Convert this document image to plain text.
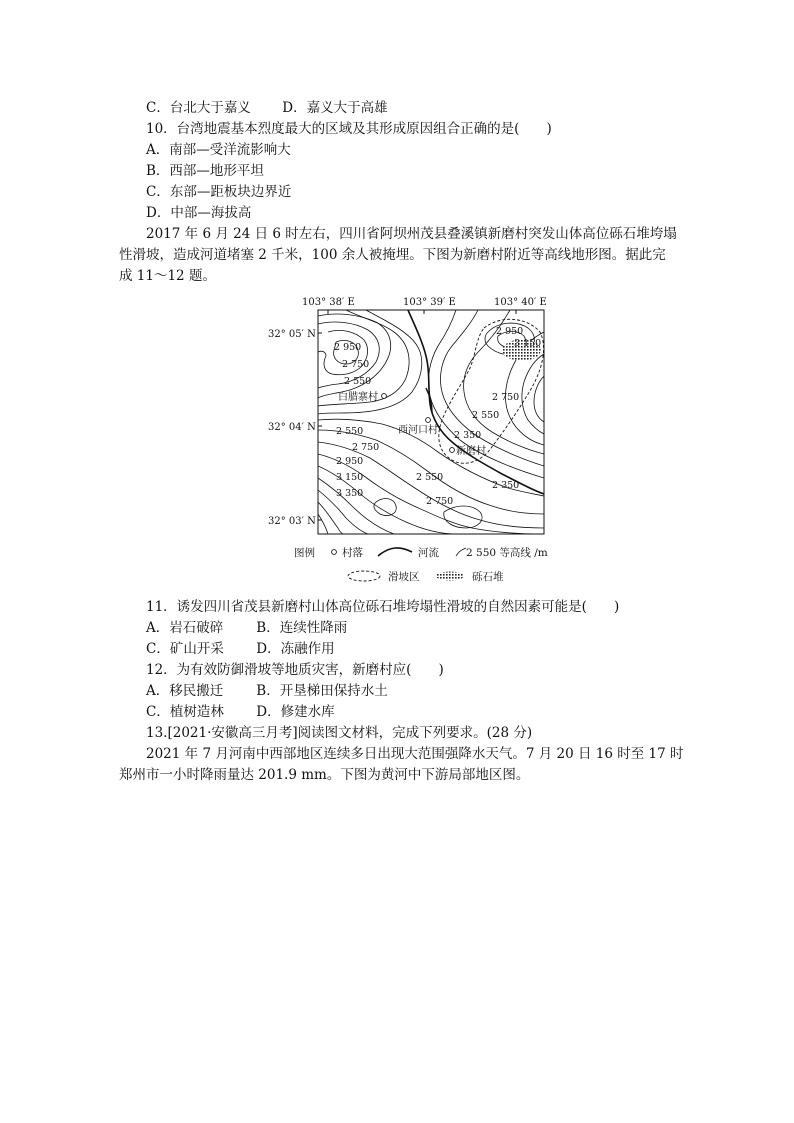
C．台北大于嘉义 D．嘉义大于高雄
10．台湾地震基本烈度最大的区域及其形成原因组合正确的是(　　)
A．南部—受洋流影响大
B．西部—地形平坦
C．东部—距板块边界近
D．中部—海拔高
2017 年 6 月 24 日 6 时左右，四川省阿坝州茂县叠溪镇新磨村突发山体高位砾石堆垮塌
性滑坡，造成河道堵塞 2 千米，100 余人被掩埋。下图为新磨村附近等高线地形图。据此完
成 11～12 题。
103° 38′ E	103° 39′ E	103° 40′ E
32° 05′ N
32° 04′ N
32° 03′ N
白腊寨村
西河口村
新磨村
2 950
2 750
2 550
2 550
2 750
2 950
3 150
3 350
2 950
3 150
2 750
2 550
2 350
2 550
2 750
2 350
图例	村落	河流	2 550 等高线 /m
滑坡区	砾石堆
11．诱发四川省茂县新磨村山体高位砾石堆垮塌性滑坡的自然因素可能是(　　)
A．岩石破碎 B．连续性降雨
C．矿山开采 D．冻融作用
12．为有效防御滑坡等地质灾害，新磨村应(　　)
A．移民搬迁 B．开垦梯田保持水土
C．植树造林 D．修建水库
13.[2021·安徽高三月考]阅读图文材料，完成下列要求。(28 分)
2021 年 7 月河南中西部地区连续多日出现大范围强降水天气。7 月 20 日 16 时至 17 时
郑州市一小时降雨量达 201.9 mm。下图为黄河中下游局部地区图。
